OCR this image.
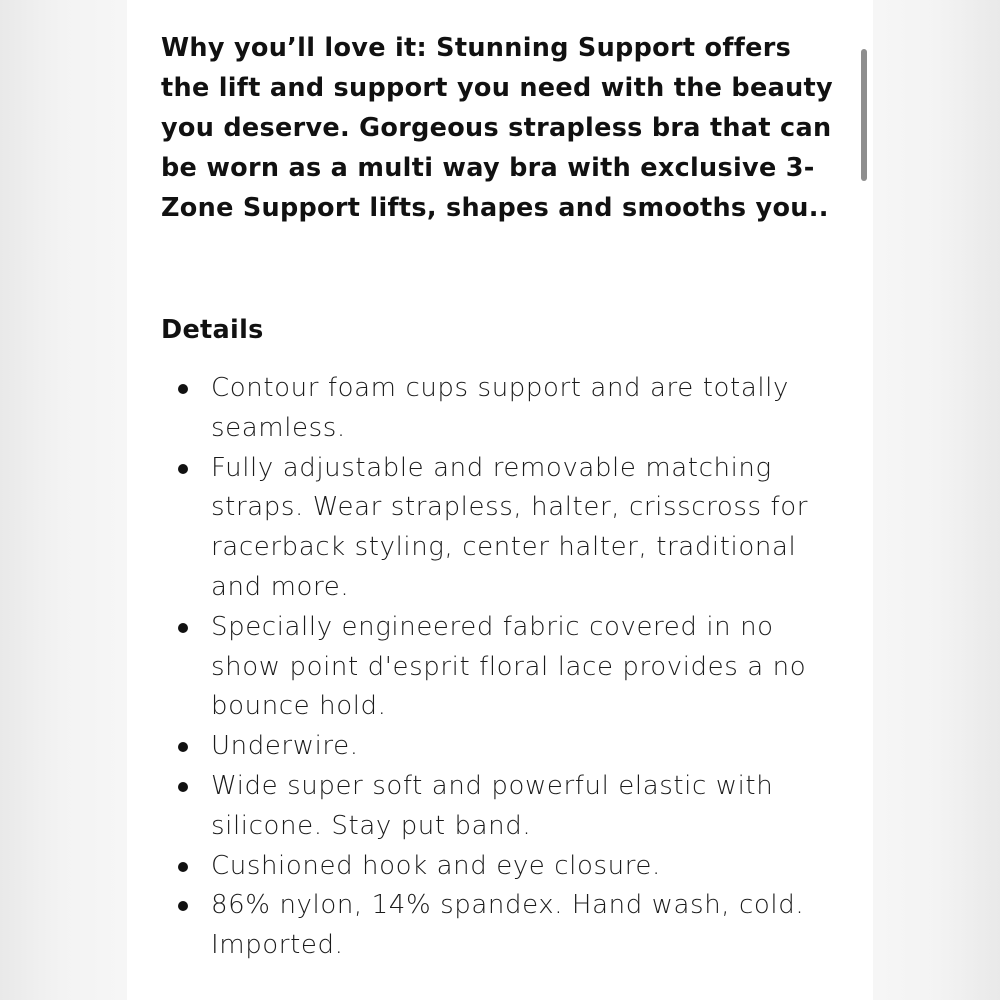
Why you’ll love it: Stunning Support offers the lift and support you need with the beauty you deserve. Gorgeous strapless bra that can be worn as a multi way bra with exclusive 3-Zone Support lifts, shapes and smooths you..

Details
Contour foam cups support and are totally seamless.
Fully adjustable and removable matching straps. Wear strapless, halter, crisscross for racerback styling, center halter, traditional and more.
Specially engineered fabric covered in no show point d'esprit floral lace provides a no bounce hold.
Underwire.
Wide super soft and powerful elastic with silicone. Stay put band.
Cushioned hook and eye closure.
86% nylon, 14% spandex. Hand wash, cold. Imported.
